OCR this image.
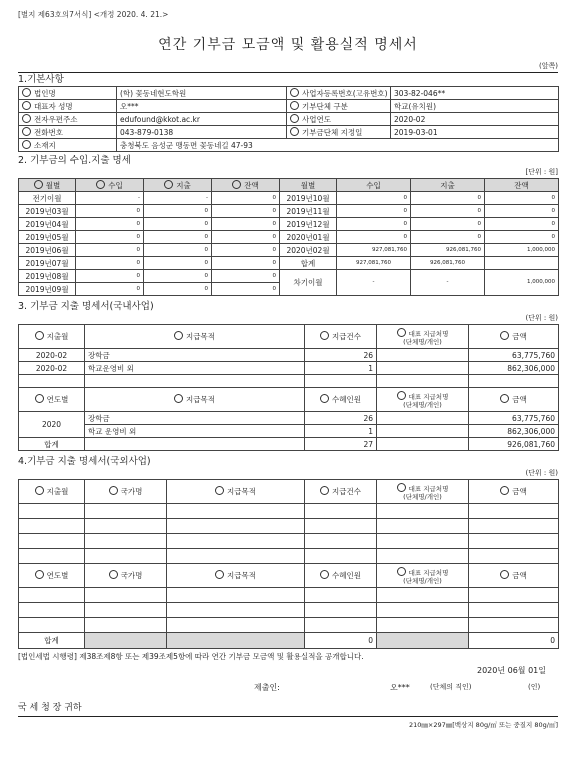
[별지 제63호의7서식] <개정 2020. 4. 21.>
연간 기부금 모금액 및 활용실적 명세서
(앞쪽)
1.기본사항
법인명	(학) 꽃동네현도학원	사업자등록번호(고유번호)	303-82-046**
대표자 성명	오***	기부단체 구분	학교(유치원)
전자우편주소	edufound@kkot.ac.kr	사업연도	2020-02
전화번호	043-879-0138	기부금단체 지정일	2019-03-01
소재지	충청북도 음성군 맹동면 꽃동네길 47-93		
2. 기부금의 수입.지출 명세
[단위 : 원]
월별	수입	지출	잔액	월별	수입	지출	잔액
전기이월	-	-	0	2019년10월	0	0	0
2019년03월	0	0	0	2019년11월	0	0	0
2019년04월	0	0	0	2019년12월	0	0	0
2019년05월	0	0	0	2020년01월	0	0	0
2019년06월	0	0	0	2020년02월	927,081,760	926,081,760	1,000,000
2019년07월	0	0	0	합계	927,081,760	926,081,760	
2019년08월	0	0	0	차기이월	-	-	1,000,000
2019년09월	0	0	0				
3. 기부금 지출 명세서(국내사업)
(단위 : 원)
지출월	지급목적	지급건수	대표 지급처명
(단체명/개인)	금액
2020-02	장학금	26		63,775,760
2020-02	학교운영비 외	1		862,306,000

연도별	지급목적	수혜인원	대표 지급처명
(단체명/개인)	금액
2020	장학금	26		63,775,760
	학교 운영비 외	1		862,306,000
합계		27		926,081,760
4.기부금 지출 명세서(국외사업)
(단위 : 원)
지출월	국가명	지급목적	지급건수	대표 지급처명
(단체명/개인)	금액

연도별	국가명	지급목적	수혜인원	대표 지급처명
(단체명/개인)	금액

합계			0		0
[법인세법 시행령] 제38조제8항 또는 제39조제5항에 따라 연간 기부금 모금액 및 활용실적을 공개합니다.
2020년 06월 01일
제출인:	오***	(단체의 직인)	(인)
국 세 청 장 귀하
210㎜×297㎜[백상지 80g/㎡ 또는 중질지 80g/㎡]
